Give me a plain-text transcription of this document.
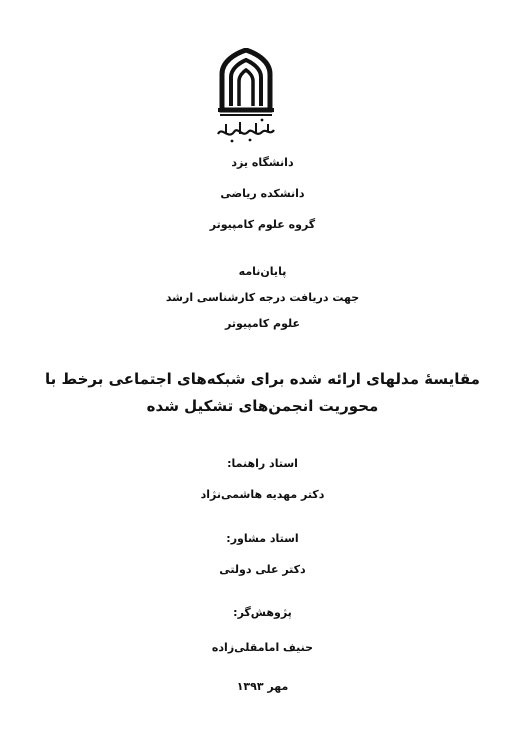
دانشگاه یزد
دانشکده ریاضی
گروه علوم کامپیوتر
پایان‌نامه
جهت دریافت درجه کارشناسی ارشد
علوم کامپیوتر
مقایسهٔ مدلهای ارائه شده برای شبکه‌های اجتماعی برخط با
محوریت انجمن‌های تشکیل شده
استاد راهنما:
دکتر مهدیه هاشمی‌نژاد
استاد مشاور:
دکتر علی دولتی
پژوهش‌گر:
حنیف امامقلی‌زاده
مهر ۱۳۹۳
